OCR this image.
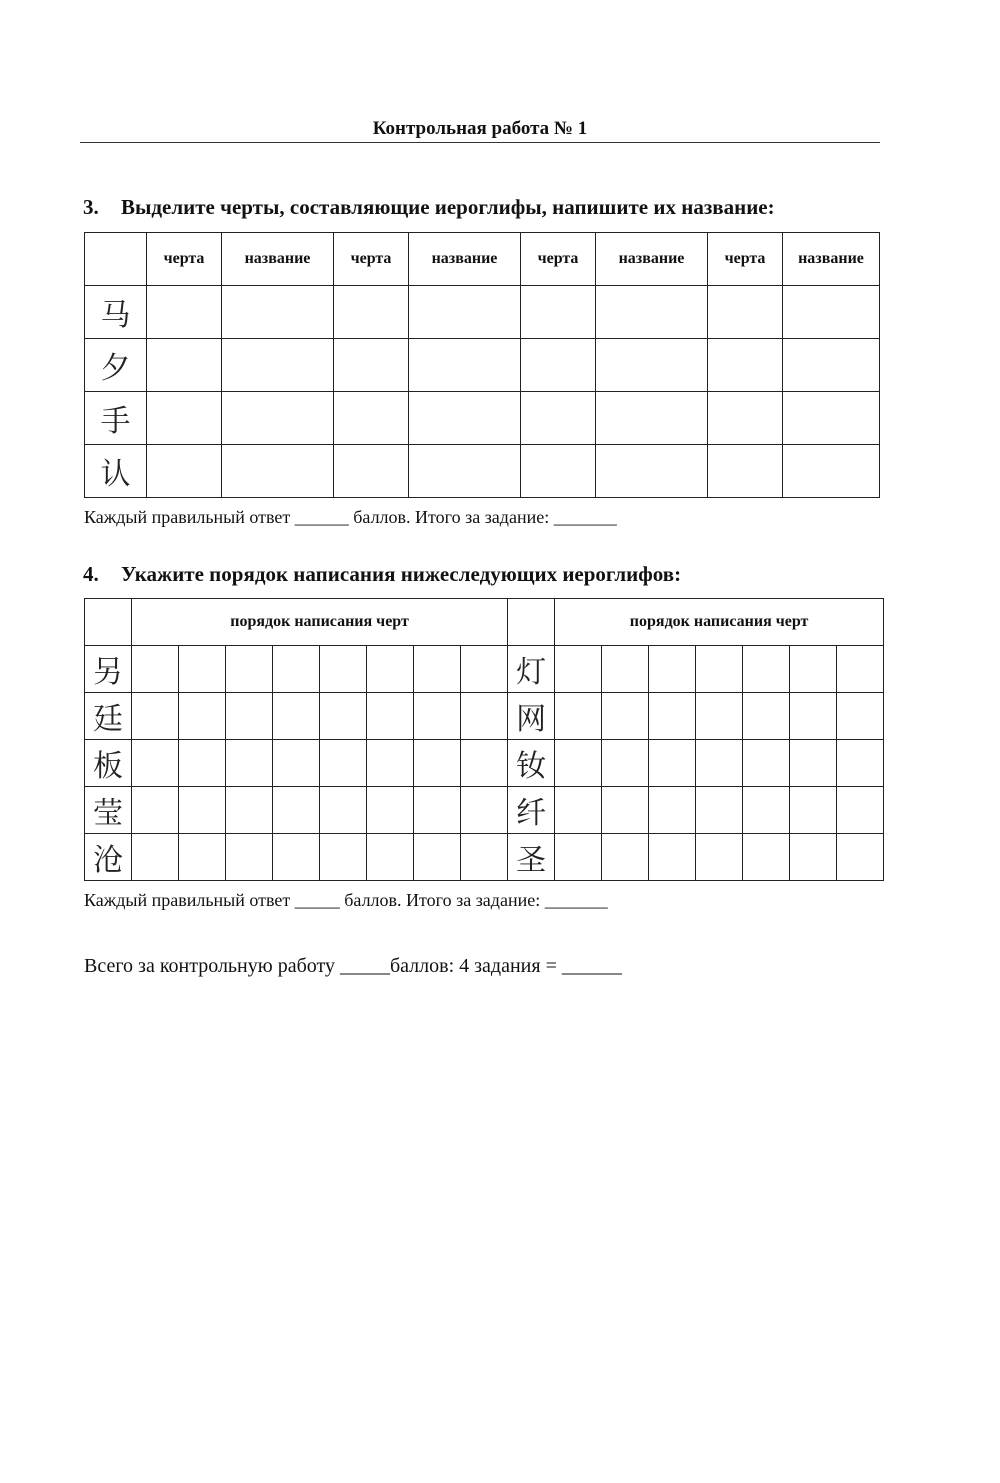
Контрольная работа № 1
3. Выделите черты, составляющие иероглифы, напишите их название:
	черта	название	черта	название	черта	название	черта	название
马								
夕								
手								
认								
Каждый правильный ответ ______ баллов. Итого за задание: _______
4. Укажите порядок написания нижеследующих иероглифов:
	порядок написания черт									порядок написания черт						
另									灯							
廷									网							
板									钕							
莹									纤							
沧									圣							
Каждый правильный ответ _____ баллов. Итого за задание: _______
Всего за контрольную работу _____баллов: 4 задания = ______
